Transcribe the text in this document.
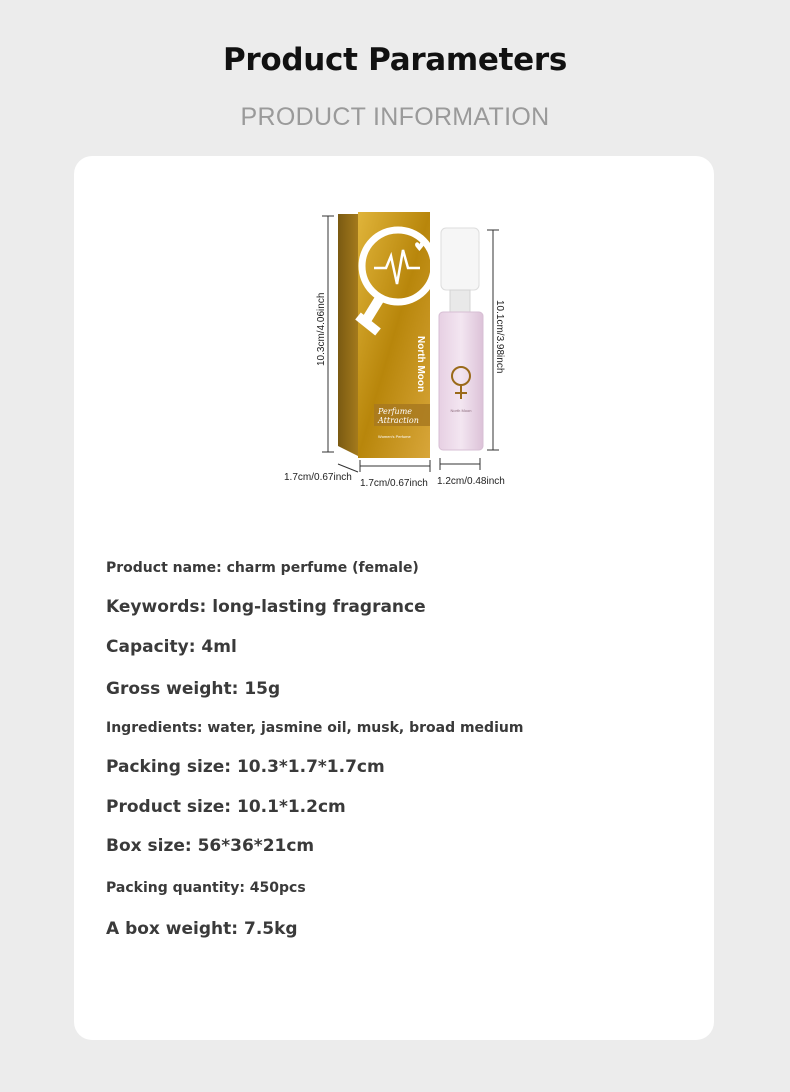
Product Parameters
PRODUCT INFORMATION
♥
North Moon
Perfume
Attraction
Women's Perfume
North Moon
10.3cm/4.06inch	10.1cm/3.98inch
1.7cm/0.67inch
1.7cm/0.67inch 1.2cm/0.48inch
Product name: charm perfume (female)
Keywords: long-lasting fragrance
Capacity: 4ml
Gross weight: 15g
Ingredients: water, jasmine oil, musk, broad medium
Packing size: 10.3*1.7*1.7cm
Product size: 10.1*1.2cm
Box size: 56*36*21cm
Packing quantity: 450pcs
A box weight: 7.5kg
